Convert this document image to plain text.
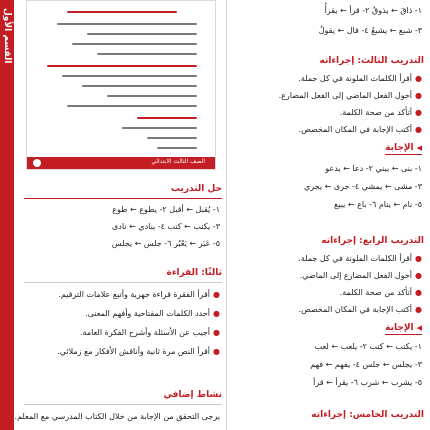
القسم الأول
الصف الثالث الابتدائي
حل التدريب
١- يُقبل ← أقبل ٢- يطوع ← طوع
٣- يكتب ← كتب ٤- ينادي ← نادى
٥- عَبَر ← يَعْبُر ٦- جلس ← يجلس
ثالثًا: القراءة
●أقرأ الفقرة قراءة جهرية وأتبع علامات الترقيم.
●أحدد الكلمات المفتاحية وأفهم المعنى.
●أجيب عن الأسئلة وأشرح الفكرة العامة.
●أقرأ النص مرة ثانية وأناقش الأفكار مع زملائي.
نشاط إضافي
يرجى التحقق من الإجابة من خلال الكتاب المدرسي مع المعلم.
١- ذاقَ ← يذوقُ ٢- قرأ ← يقرأُ
٣- شبع ← يشبعُ ٤- قال ← يقولُ
التدريب الثالث: إجراءاته
●أقرأ الكلمات الملونة في كل جملة.
●أحول الفعل الماضي إلى الفعل المضارع.
●أتأكد من صحة الكلمة.
●أكتب الإجابة في المكان المخصص.
◀الإجابة
١- بنى ← يبني ٢- دعا ← يدعو
٣- مشى ← يمشي ٤- جرى ← يجري
٥- نام ← ينام ٦- باع ← يبيع
التدريب الرابع: إجراءاته
●أقرأ الكلمات الملونة في كل جملة.
●أحول الفعل المضارع إلى الماضي.
●أتأكد من صحة الكلمة.
●أكتب الإجابة في المكان المخصص.
◀الإجابة
١- يكتب ← كتب ٢- يلعب ← لعب
٣- يجلس ← جلس ٤- يفهم ← فهم
٥- يشرب ← شرب ٦- يقرأ ← قرأ
التدريب الخامس: إجراءاته
